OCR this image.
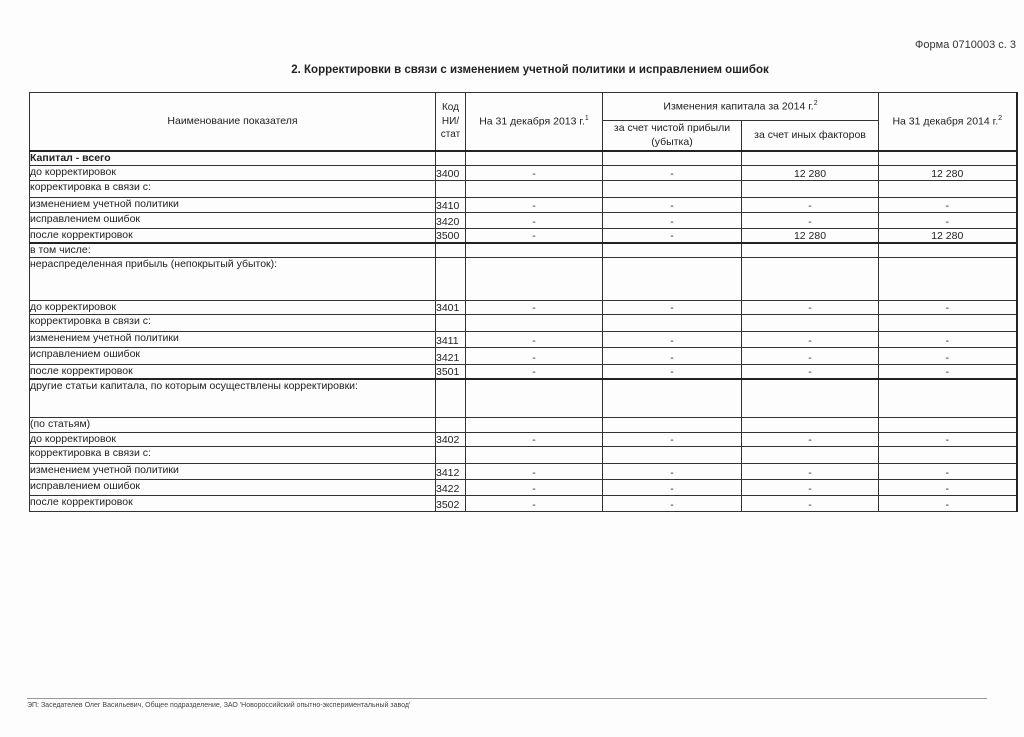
Форма 0710003 с. 3
2. Корректировки в связи с изменением учетной политики и исправлением ошибок
Наименование показателя	Код НИ/ стат	На 31 декабря 2013 г.$^1$	Изменения капитала за 2014 г.$^2$		На 31 декабря 2014 г.$^2$
			за счет чистой прибыли (убытка)	за счет иных факторов	
Капитал - всего					
до корректировок	3400	-	-	12 280	12 280
корректировка в связи с:					
изменением учетной политики	3410	-	-	-	-
исправлением ошибок	3420	-	-	-	-
после корректировок	3500	-	-	12 280	12 280
в том числе:					
нераспределенная прибыль (непокрытый убыток):					
до корректировок	3401	-	-	-	-
корректировка в связи с:					
изменением учетной политики	3411	-	-	-	-
исправлением ошибок	3421	-	-	-	-
после корректировок	3501	-	-	-	-
другие статьи капитала, по которым осуществлены корректировки:					
(по статьям)					
до корректировок	3402	-	-	-	-
корректировка в связи с:					
изменением учетной политики	3412	-	-	-	-
исправлением ошибок	3422	-	-	-	-
после корректировок	3502	-	-	-	-
ЭП: Заседателев Олег Васильевич, Общее подразделение, ЗАО 'Новороссийский опытно-экспериментальный завод'
